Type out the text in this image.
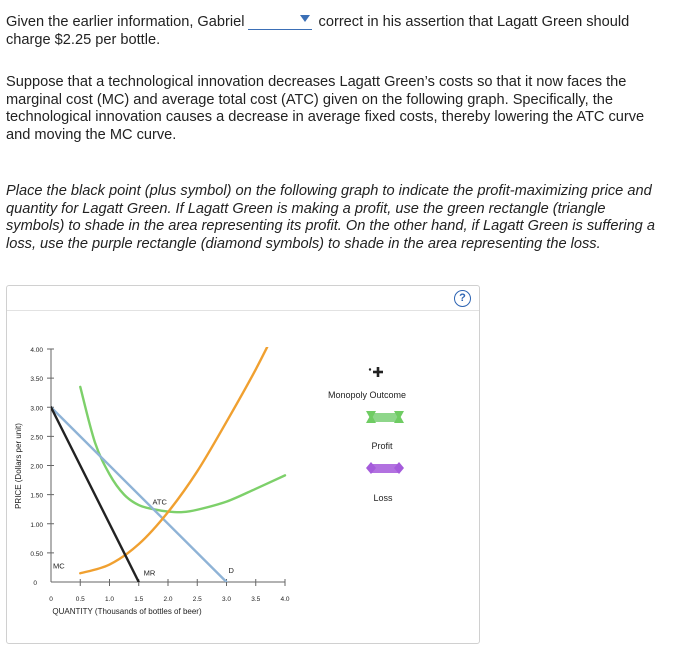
Given the earlier information, Gabriel	correct in his assertion that Lagatt Green should charge $2.25 per bottle.
Suppose that a technological innovation decreases Lagatt Green’s costs so that it now faces the marginal cost (MC) and average total cost (ATC) given on the following graph. Specifically, the technological innovation causes a decrease in average fixed costs, thereby lowering the ATC curve and moving the MC curve.
Place the black point (plus symbol) on the following graph to indicate the profit-maximizing price and quantity for Lagatt Green. If Lagatt Green is making a profit, use the green rectangle (triangle symbols) to shade in the area representing its profit. On the other hand, if Lagatt Green is suffering a loss, use the purple rectangle (diamond symbols) to shade in the area representing the loss.
?
0
0.50
1.00
1.50
2.00
2.50
3.00
3.50
4.00
0	0.5	1.0	1.5	2.0	2.5	3.0	3.5	4.0
QUANTITY (Thousands of bottles of beer)
PRICE (Dollars per unit)
MC
ATC
MR	D
Monopoly Outcome
Profit
Loss
